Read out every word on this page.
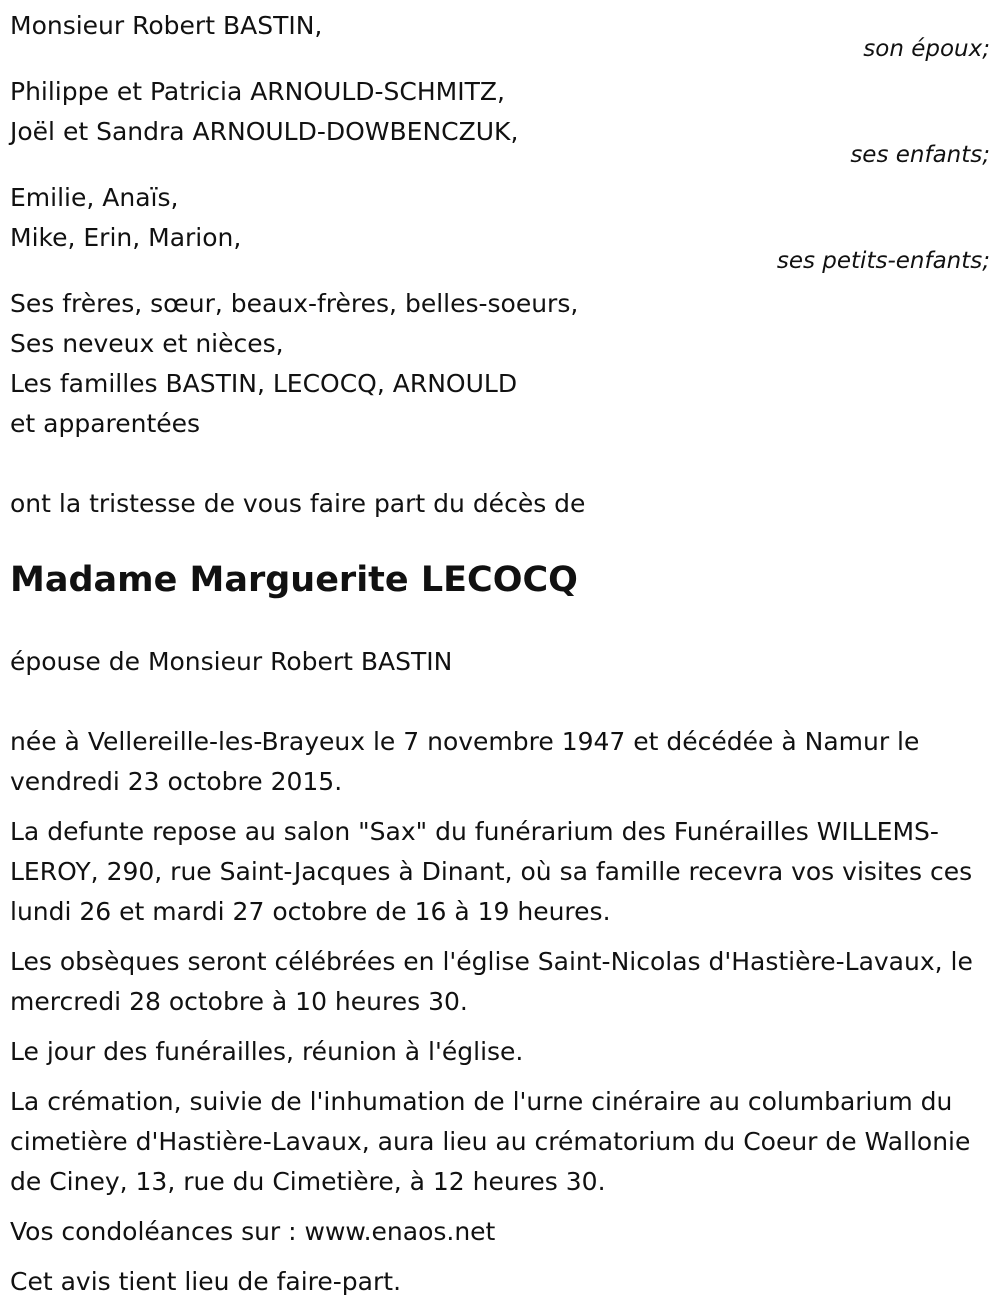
Monsieur Robert BASTIN,
son époux;
Philippe et Patricia ARNOULD-SCHMITZ,
Joël et Sandra ARNOULD-DOWBENCZUK,
ses enfants;
Emilie, Anaïs,
Mike, Erin, Marion,
ses petits-enfants;
Ses frères, sœur, beaux-frères, belles-soeurs,
Ses neveux et nièces,
Les familles BASTIN, LECOCQ, ARNOULD
et apparentées
ont la tristesse de vous faire part du décès de
Madame Marguerite LECOCQ
épouse de Monsieur Robert BASTIN
née à Vellereille-les-Brayeux le 7 novembre 1947 et décédée à Namur le vendredi 23 octobre 2015.
La defunte repose au salon "Sax" du funérarium des Funérailles WILLEMS-LEROY, 290, rue Saint-Jacques à Dinant, où sa famille recevra vos visites ces lundi 26 et mardi 27 octobre de 16 à 19 heures.
Les obsèques seront célébrées en l'église Saint-Nicolas d'Hastière-Lavaux, le mercredi 28 octobre à 10 heures 30.
Le jour des funérailles, réunion à l'église.
La crémation, suivie de l'inhumation de l'urne cinéraire au columbarium du cimetière d'Hastière-Lavaux, aura lieu au crématorium du Coeur de Wallonie de Ciney, 13, rue du Cimetière, à 12 heures 30.
Vos condoléances sur : www.enaos.net
Cet avis tient lieu de faire-part.
